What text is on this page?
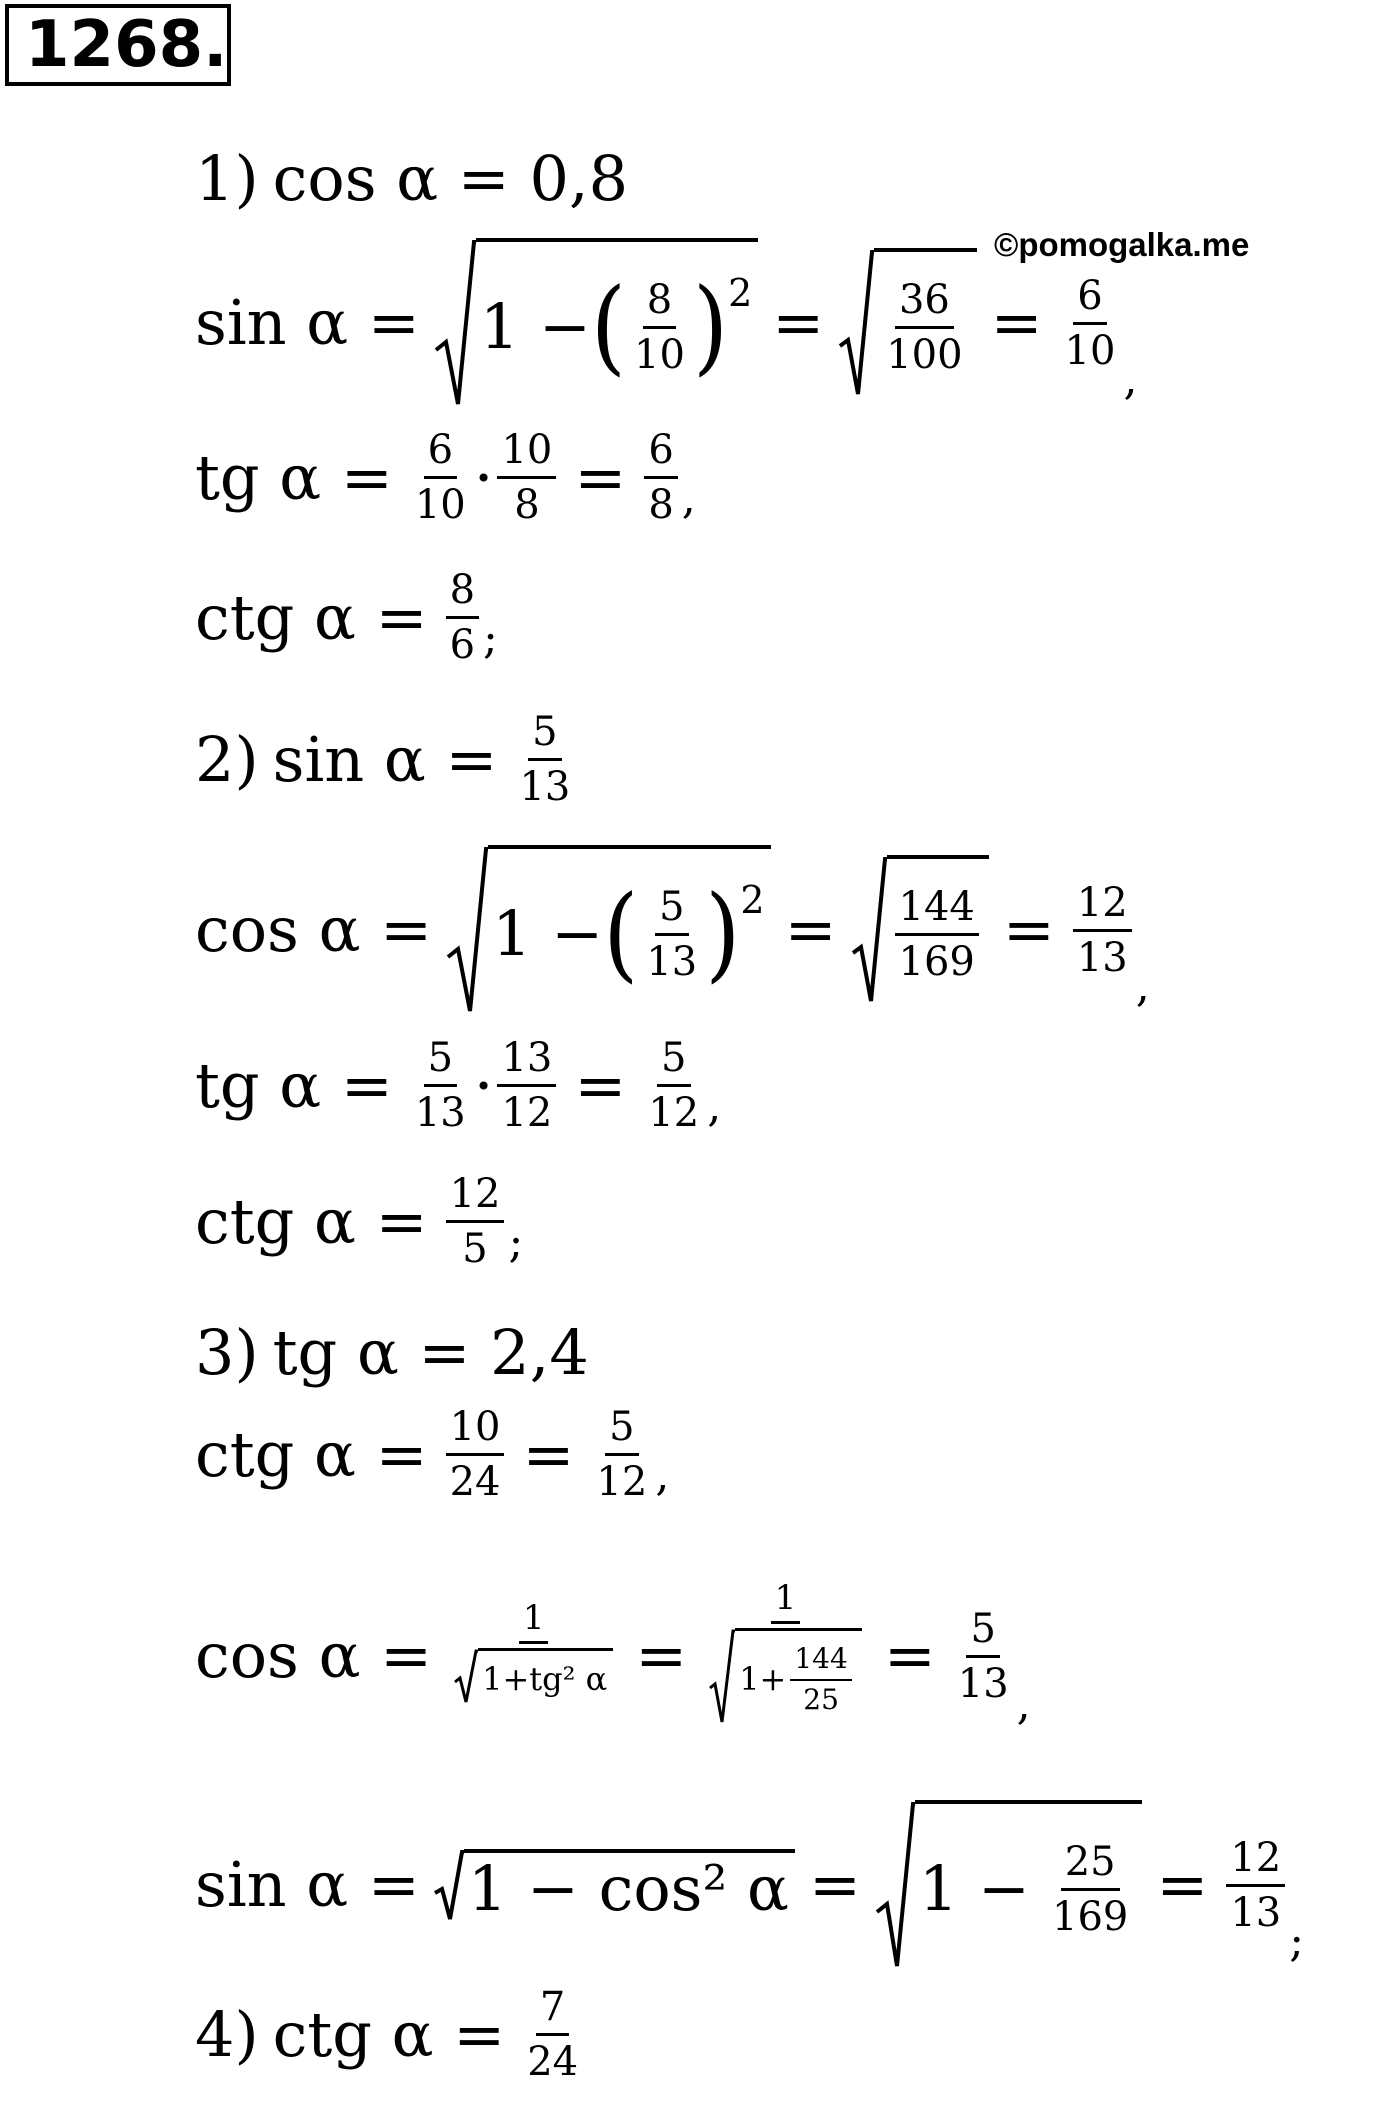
1268.
©pomogalka.me
1) cos α = 0,8
sin α = 1 − ( $\frac{8}{10}$ ) $2 = \frac{36}{100} = \frac{6}{10}$
,
tg $\alpha = \frac{6}{10} \cdot \frac{10}{8} = \frac{6}{8}$ ,
ctg $\alpha = \frac{8}{6}$ ;
2) $\sin \alpha = \frac{5}{13}$
cos α = 1 − ( $\frac{5}{13}$ ) $2 = \frac{144}{169} = \frac{12}{13}$
,
tg $\alpha = \frac{5}{13} \cdot \frac{13}{12} = \frac{5}{12}$ ,
ctg $\alpha = \frac{12}{5}$ ;
3) tg α = 2,4
ctg $\alpha = \frac{10}{24} = \frac{5}{12}$ ,
$\cos \alpha = \frac{1}{\text{1+tg² α}} = \frac{1}{1+ \frac{144}{25}} = \frac{5}{13}$ ,
sin α = 1 − cos² $\alpha = 1 - \frac{25}{169} = \frac{12}{13}$
;
4) ctg $\alpha = \frac{7}{24}$
